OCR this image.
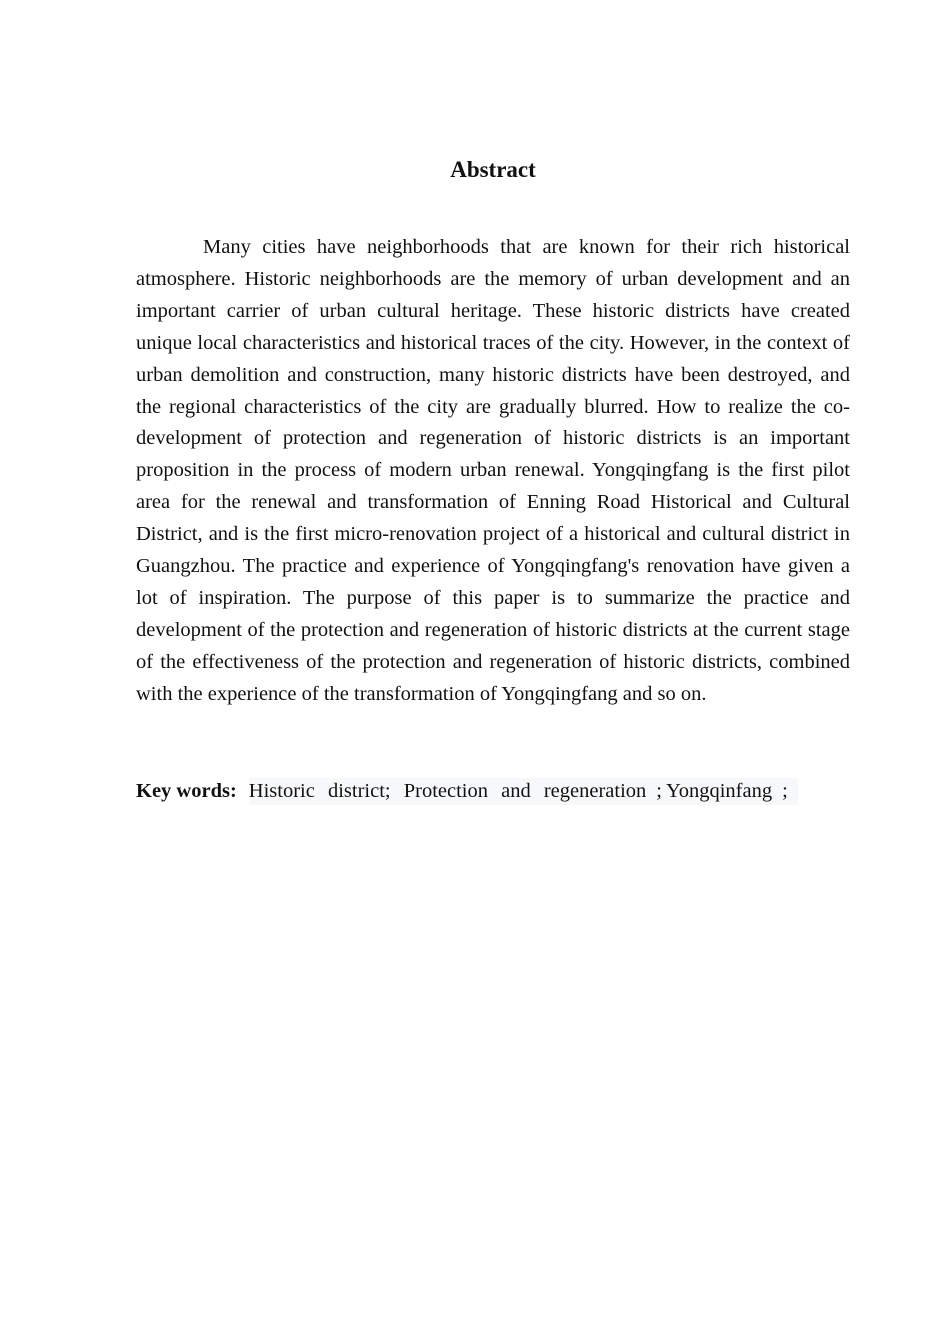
Abstract

Many cities have neighborhoods that are known for their rich historical atmosphere. Historic neighborhoods are the memory of urban development and an important carrier of urban cultural heritage. These historic districts have created unique local characteristics and historical traces of the city. However, in the context of urban demolition and construction, many historic districts have been destroyed, and the regional characteristics of the city are gradually blurred. How to realize the co-development of protection and regeneration of historic districts is an important proposition in the process of modern urban renewal. Yongqingfang is the first pilot area for the renewal and transformation of Enning Road Historical and Cultural District, and is the first micro-renovation project of a historical and cultural district in Guangzhou. The practice and experience of Yongqingfang's renovation have given a lot of inspiration. The purpose of this paper is to summarize the practice and development of the protection and regeneration of historic districts at the current stage of the effectiveness of the protection and regeneration of historic districts, combined with the experience of the transformation of Yongqingfang and so on.

Key words: Historic district; Protection and regeneration ; Yongqinfang ;
